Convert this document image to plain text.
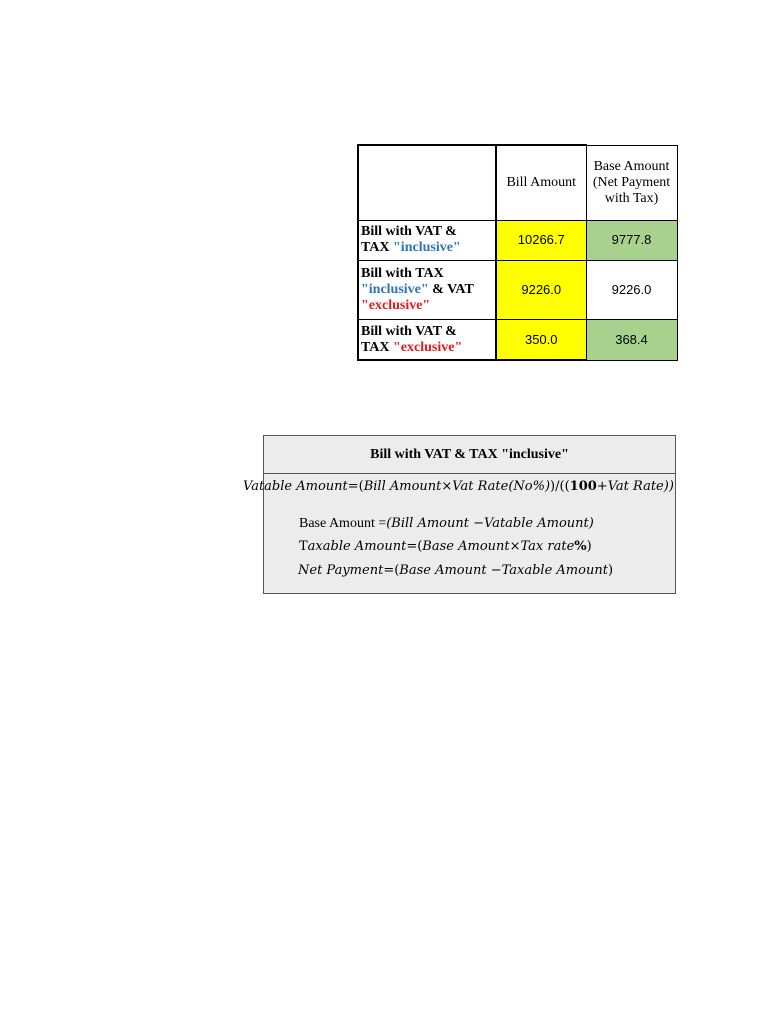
	Bill Amount	Base Amount
(Net Payment
with Tax)

Bill with VAT &
TAX "inclusive"	10266.7	9777.8

Bill with TAX
"inclusive" & VAT
"exclusive"	9226.0	9226.0

Bill with VAT &
TAX "exclusive"	350.0	368.4
Bill with VAT & TAX "inclusive"
Vatable Amount=(Bill Amount×Vat Rate(No%))/((100+Vat Rate))
Base Amount =(Bill Amount −Vatable Amount)
Taxable Amount=(Base Amount×Tax rate%)
Net Payment=(Base Amount −Taxable Amount)
